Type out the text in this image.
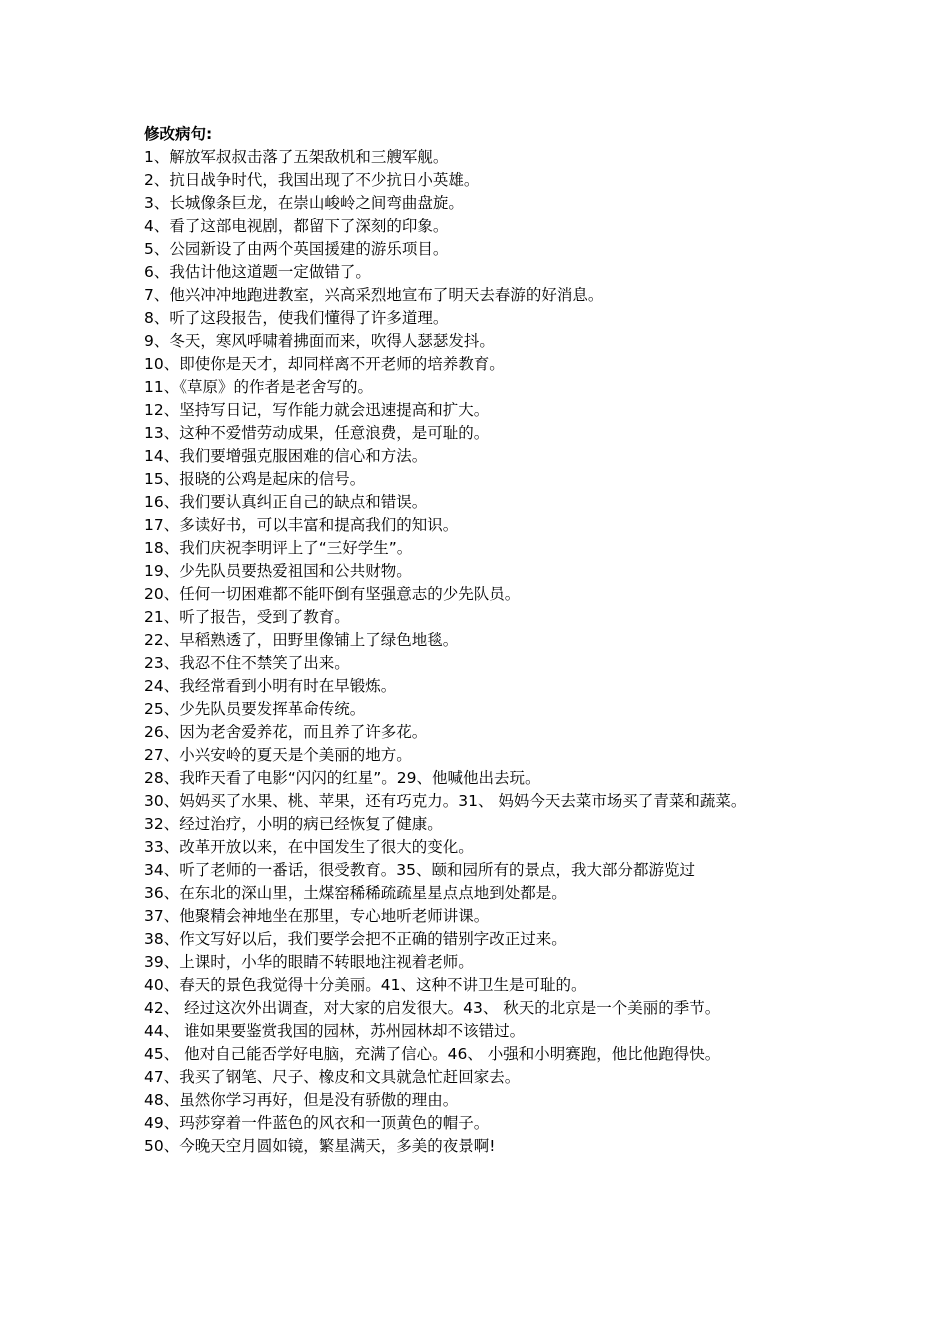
修改病句:

1、解放军叔叔击落了五架敌机和三艘军舰。

2、抗日战争时代，我国出现了不少抗日小英雄。

3、长城像条巨龙，在崇山峻岭之间弯曲盘旋。

4、看了这部电视剧，都留下了深刻的印象。

5、公园新设了由两个英国援建的游乐项目。

6、我估计他这道题一定做错了。

7、他兴冲冲地跑进教室，兴高采烈地宣布了明天去春游的好消息。

8、听了这段报告，使我们懂得了许多道理。

9、冬天，寒风呼啸着拂面而来，吹得人瑟瑟发抖。

10、即使你是天才，却同样离不开老师的培养教育。

11、《草原》的作者是老舍写的。

12、坚持写日记，写作能力就会迅速提高和扩大。

13、这种不爱惜劳动成果，任意浪费，是可耻的。

14、我们要增强克服困难的信心和方法。

15、报晓的公鸡是起床的信号。

16、我们要认真纠正自己的缺点和错误。

17、多读好书，可以丰富和提高我们的知识。

18、我们庆祝李明评上了“三好学生”。

19、少先队员要热爱祖国和公共财物。

20、任何一切困难都不能吓倒有坚强意志的少先队员。

21、听了报告，受到了教育。

22、早稻熟透了，田野里像铺上了绿色地毯。

23、我忍不住不禁笑了出来。

24、我经常看到小明有时在早锻炼。

25、少先队员要发挥革命传统。

26、因为老舍爱养花，而且养了许多花。

27、小兴安岭的夏天是个美丽的地方。

28、我昨天看了电影“闪闪的红星”。29、他喊他出去玩。

30、妈妈买了水果、桃、苹果，还有巧克力。31、 妈妈今天去菜市场买了青菜和蔬菜。

32、经过治疗，小明的病已经恢复了健康。

33、改革开放以来，在中国发生了很大的变化。

34、听了老师的一番话，很受教育。35、颐和园所有的景点，我大部分都游览过

36、在东北的深山里，土煤窑稀稀疏疏星星点点地到处都是。

37、他聚精会神地坐在那里，专心地听老师讲课。

38、作文写好以后，我们要学会把不正确的错别字改正过来。

39、上课时，小华的眼睛不转眼地注视着老师。

40、春天的景色我觉得十分美丽。41、这种不讲卫生是可耻的。

42、 经过这次外出调查，对大家的启发很大。43、 秋天的北京是一个美丽的季节。

44、 谁如果要鉴赏我国的园林，苏州园林却不该错过。

45、 他对自己能否学好电脑，充满了信心。46、 小强和小明赛跑，他比他跑得快。

47、我买了钢笔、尺子、橡皮和文具就急忙赶回家去。

48、虽然你学习再好，但是没有骄傲的理由。

49、玛莎穿着一件蓝色的风衣和一顶黄色的帽子。

50、今晚天空月圆如镜，繁星满天，多美的夜景啊!
